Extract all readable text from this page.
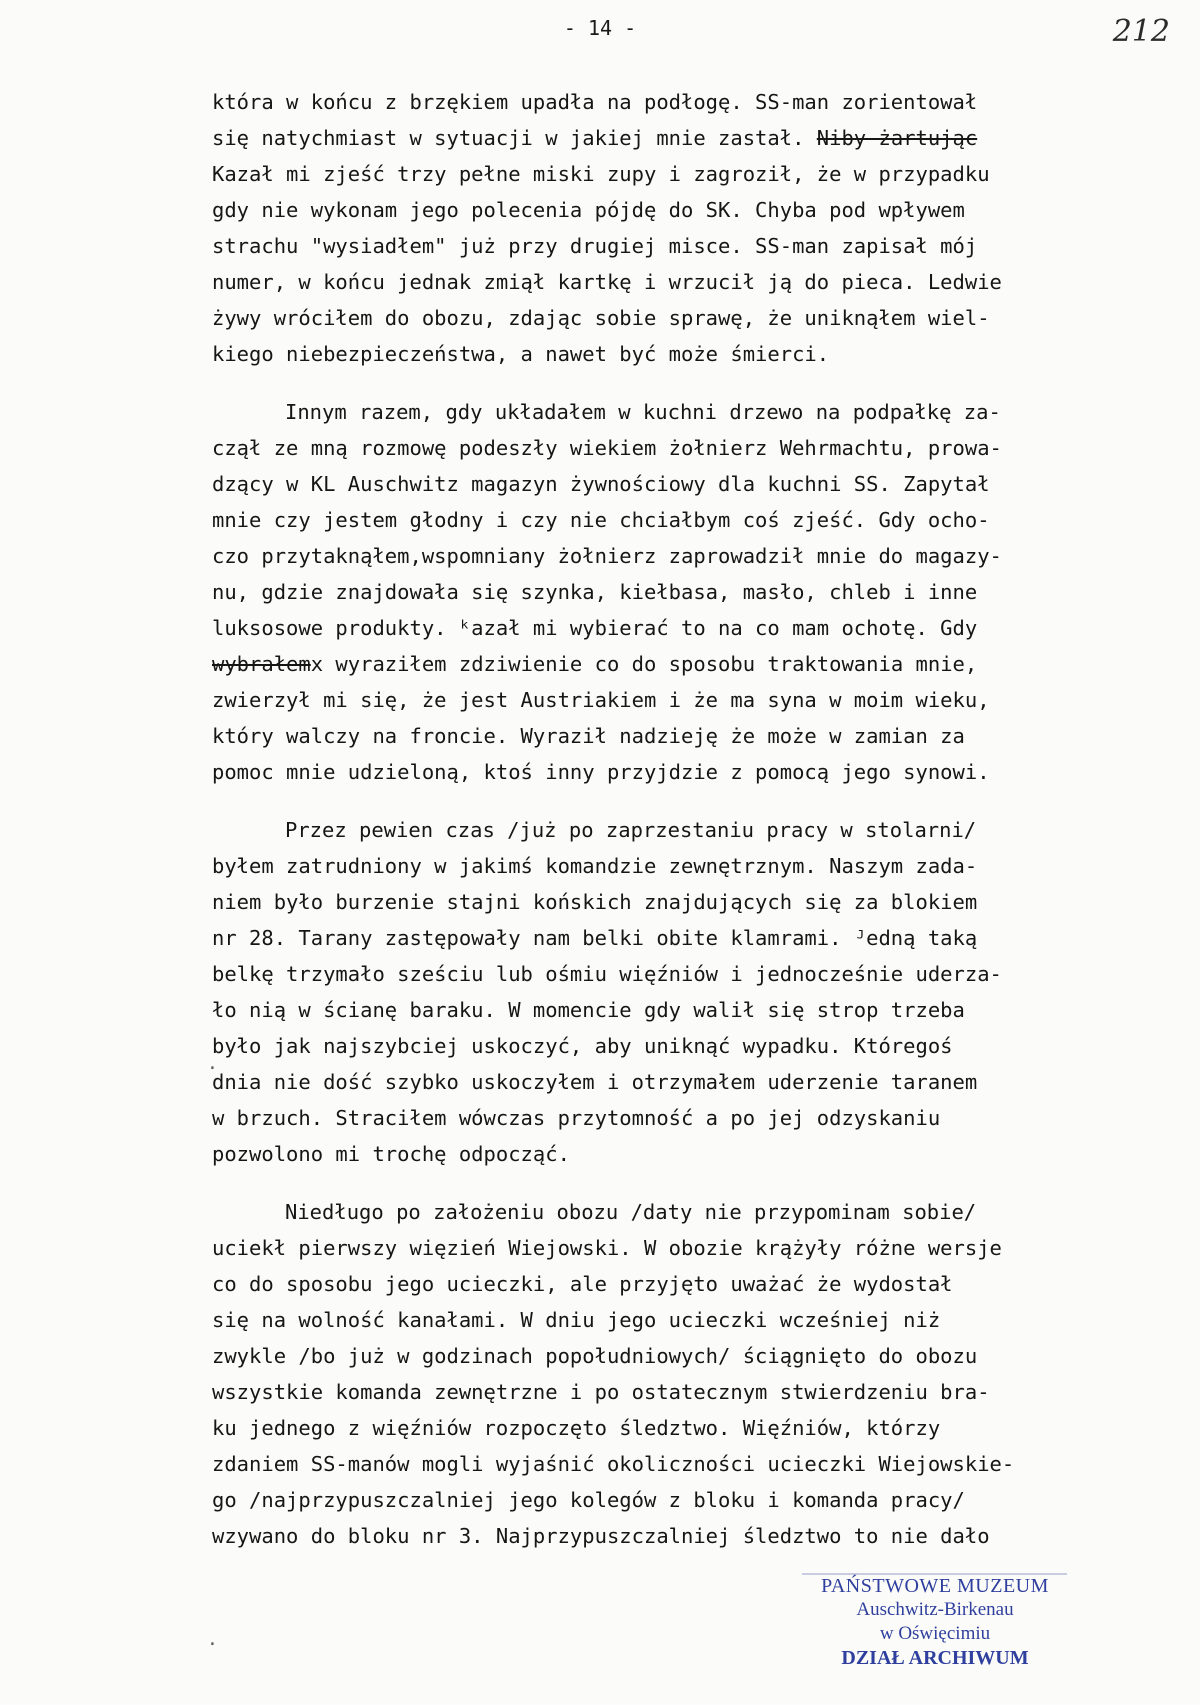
- 14 -	212
która w końcu z brzękiem upadła na podłogę. SS-man zorientował
się natychmiast w sytuacji w jakiej mnie zastał. Niby żartując
Kazał mi zjeść trzy pełne miski zupy i zagroził, że w przypadku
gdy nie wykonam jego polecenia pójdę do SK. Chyba pod wpływem
strachu "wysiadłem" już przy drugiej misce. SS-man zapisał mój
numer, w końcu jednak zmiął kartkę i wrzucił ją do pieca. Ledwie
żywy wróciłem do obozu, zdając sobie sprawę, że uniknąłem wiel-
kiego niebezpieczeństwa, a nawet być może śmierci.
Innym razem, gdy układałem w kuchni drzewo na podpałkę za-
czął ze mną rozmowę podeszły wiekiem żołnierz Wehrmachtu, prowa-
dzący w KL Auschwitz magazyn żywnościowy dla kuchni SS. Zapytał
mnie czy jestem głodny i czy nie chciałbym coś zjeść. Gdy ochο-
czo przytaknąłem,wspomniany żołnierz zaprowadził mnie do magazy-
nu, gdzie znajdowała się szynka, kiełbasa, masło, chleb i inne
luksosowe produkty. ᵏazał mi wybierać to na co mam ochotę. Gdy
wybrałemx wyraziłem zdziwienie co do sposobu traktowania mnie,
zwierzył mi się, że jest Austriakiem i że ma syna w moim wieku,
który walczy na froncie. Wyraził nadzieję że może w zamian za
pomoc mnie udzieloną, ktoś inny przyjdzie z pomocą jego synowi.
Przez pewien czas /już po zaprzestaniu pracy w stolarni/
byłem zatrudniony w jakimś komandzie zewnętrznym. Naszym zada-
niem było burzenie stajni końskich znajdujących się za blokiem
nr 28. Tarany zastępowały nam belki obite klamrami. ᴶedną taką
belkę trzymało sześciu lub ośmiu więźniów i jednocześnie uderza-
ło nią w ścianę baraku. W momencie gdy walił się strop trzeba
było jak najszybciej uskoczyć, aby uniknąć wypadku. Któregoś
dnia nie dość szybko uskoczyłem i otrzymałem uderzenie taranem
w brzuch. Straciłem wówczas przytomność a po jej odzyskaniu
pozwolono mi trochę odpocząć.
Niedługo po założeniu obozu /daty nie przypominam sobie/
uciekł pierwszy więzień Wiejowski. W obozie krążyły różne wersje
co do sposobu jego ucieczki, ale przyjęto uważać że wydostał
się na wolność kanałami. W dniu jego ucieczki wcześniej niż
zwykle /bo już w godzinach popołudniowych/ ściągnięto do obozu
wszystkie komanda zewnętrzne i po ostatecznym stwierdzeniu bra-
ku jednego z więźniów rozpoczęto śledztwo. Więźniów, którzy
zdaniem SS-manów mogli wyjaśnić okoliczności ucieczki Wiejowskie-
go /najprzypuszczalniej jego kolegów z bloku i komanda pracy/
wzywano do bloku nr 3. Najprzypuszczalniej śledztwo to nie dało
·
·
PAŃSTWOWE MUZEUM
Auschwitz-Birkenau
w Oświęcimiu
DZIAŁ ARCHIWUM
